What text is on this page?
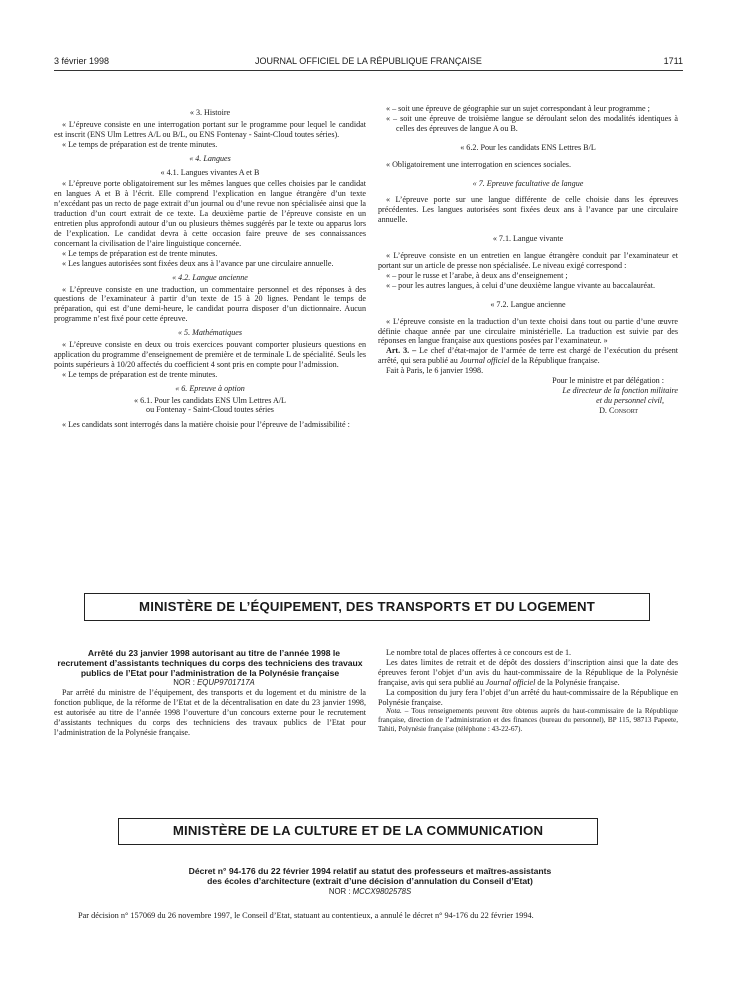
3 février 1998	JOURNAL OFFICIEL DE LA RÉPUBLIQUE FRANÇAISE	1711

« 3. Histoire

« L’épreuve consiste en une interrogation portant sur le programme pour lequel le candidat est inscrit (ENS Ulm Lettres A/L ou B/L, ou ENS Fontenay - Saint-Cloud toutes séries).

« Le temps de préparation est de trente minutes.

« 4. Langues

« 4.1. Langues vivantes A et B

« L’épreuve porte obligatoirement sur les mêmes langues que celles choisies par le candidat en langues A et B à l’écrit. Elle comprend l’explication en langue étrangère d’un texte n’excédant pas un recto de page extrait d’un journal ou d’une revue non spécialisée ainsi que la traduction d’un court extrait de ce texte. La deuxième partie de l’épreuve consiste en un entretien plus approfondi autour d’un ou plusieurs thèmes suggérés par le texte ou apparus lors de l’explication. Le candidat devra à cette occasion faire preuve de ses connaissances concernant la civilisation de l’aire linguistique concernée.

« Le temps de préparation est de trente minutes.

« Les langues autorisées sont fixées deux ans à l’avance par une circulaire annuelle.

« 4.2. Langue ancienne

« L’épreuve consiste en une traduction, un commentaire personnel et des réponses à des questions de l’examinateur à partir d’un texte de 15 à 20 lignes. Pendant le temps de préparation, qui est d’une demi-heure, le candidat pourra disposer d’un dictionnaire. Aucun programme n’est fixé pour cette épreuve.

« 5. Mathématiques

« L’épreuve consiste en deux ou trois exercices pouvant comporter plusieurs questions en application du programme d’enseignement de première et de terminale L de spécialité. Seuls les points supérieurs à 10/20 affectés du coefficient 4 sont pris en compte pour l’admission.

« Le temps de préparation est de trente minutes.

« 6. Epreuve à option

« 6.1. Pour les candidats ENS Ulm Lettres A/L

ou Fontenay - Saint-Cloud toutes séries

« Les candidats sont interrogés dans la matière choisie pour l’épreuve de l’admissibilité :

« – soit une épreuve de géographie sur un sujet correspondant à leur programme ;

« – soit une épreuve de troisième langue se déroulant selon des modalités identiques à celles des épreuves de langue A ou B.

« 6.2. Pour les candidats ENS Lettres B/L

« Obligatoirement une interrogation en sciences sociales.

« 7. Epreuve facultative de langue

« L’épreuve porte sur une langue différente de celle choisie dans les épreuves précédentes. Les langues autorisées sont fixées deux ans à l’avance par une circulaire annuelle.

« 7.1. Langue vivante

« L’épreuve consiste en un entretien en langue étrangère conduit par l’examinateur et portant sur un article de presse non spécialisée. Le niveau exigé correspond :

« – pour le russe et l’arabe, à deux ans d’enseignement ;

« – pour les autres langues, à celui d’une deuxième langue vivante au baccalauréat.

« 7.2. Langue ancienne

« L’épreuve consiste en la traduction d’un texte choisi dans tout ou partie d’une œuvre définie chaque année par une circulaire ministérielle. La traduction est suivie par des réponses en langue française aux questions posées par l’examinateur. »

Art. 3. – Le chef d’état-major de l’armée de terre est chargé de l’exécution du présent arrêté, qui sera publié au Journal officiel de la République française.

Fait à Paris, le 6 janvier 1998.

Pour le ministre et par délégation :

Le directeur de la fonction militaire

et du personnel civil,

D. Consort

MINISTÈRE DE L’ÉQUIPEMENT, DES TRANSPORTS ET DU LOGEMENT

Arrêté du 23 janvier 1998 autorisant au titre de l’année 1998 le recrutement d’assistants techniques du corps des techniciens des travaux publics de l’Etat pour l’administration de la Polynésie française

NOR : EQUP9701717A

Par arrêté du ministre de l’équipement, des transports et du logement et du ministre de la fonction publique, de la réforme de l’Etat et de la décentralisation en date du 23 janvier 1998, est autorisée au titre de l’année 1998 l’ouverture d’un concours externe pour le recrutement d’assistants techniques du corps des techniciens des travaux publics de l’Etat pour l’administration de la Polynésie française.

Le nombre total de places offertes à ce concours est de 1.

Les dates limites de retrait et de dépôt des dossiers d’inscription ainsi que la date des épreuves feront l’objet d’un avis du haut-commissaire de la République de la Polynésie française, avis qui sera publié au Journal officiel de la Polynésie française.

La composition du jury fera l’objet d’un arrêté du haut-commissaire de la République en Polynésie française.

Nota. – Tous renseignements peuvent être obtenus auprès du haut-commissaire de la République française, direction de l’administration et des finances (bureau du personnel), BP 115, 98713 Papeete, Tahiti, Polynésie française (téléphone : 43-22-67).

MINISTÈRE DE LA CULTURE ET DE LA COMMUNICATION

Décret n° 94-176 du 22 février 1994 relatif au statut des professeurs et maîtres-assistants

des écoles d’architecture (extrait d’une décision d’annulation du Conseil d’Etat)

NOR : MCCX9802578S

Par décision n° 157069 du 26 novembre 1997, le Conseil d’Etat, statuant au contentieux, a annulé le décret n° 94-176 du 22 février 1994.
